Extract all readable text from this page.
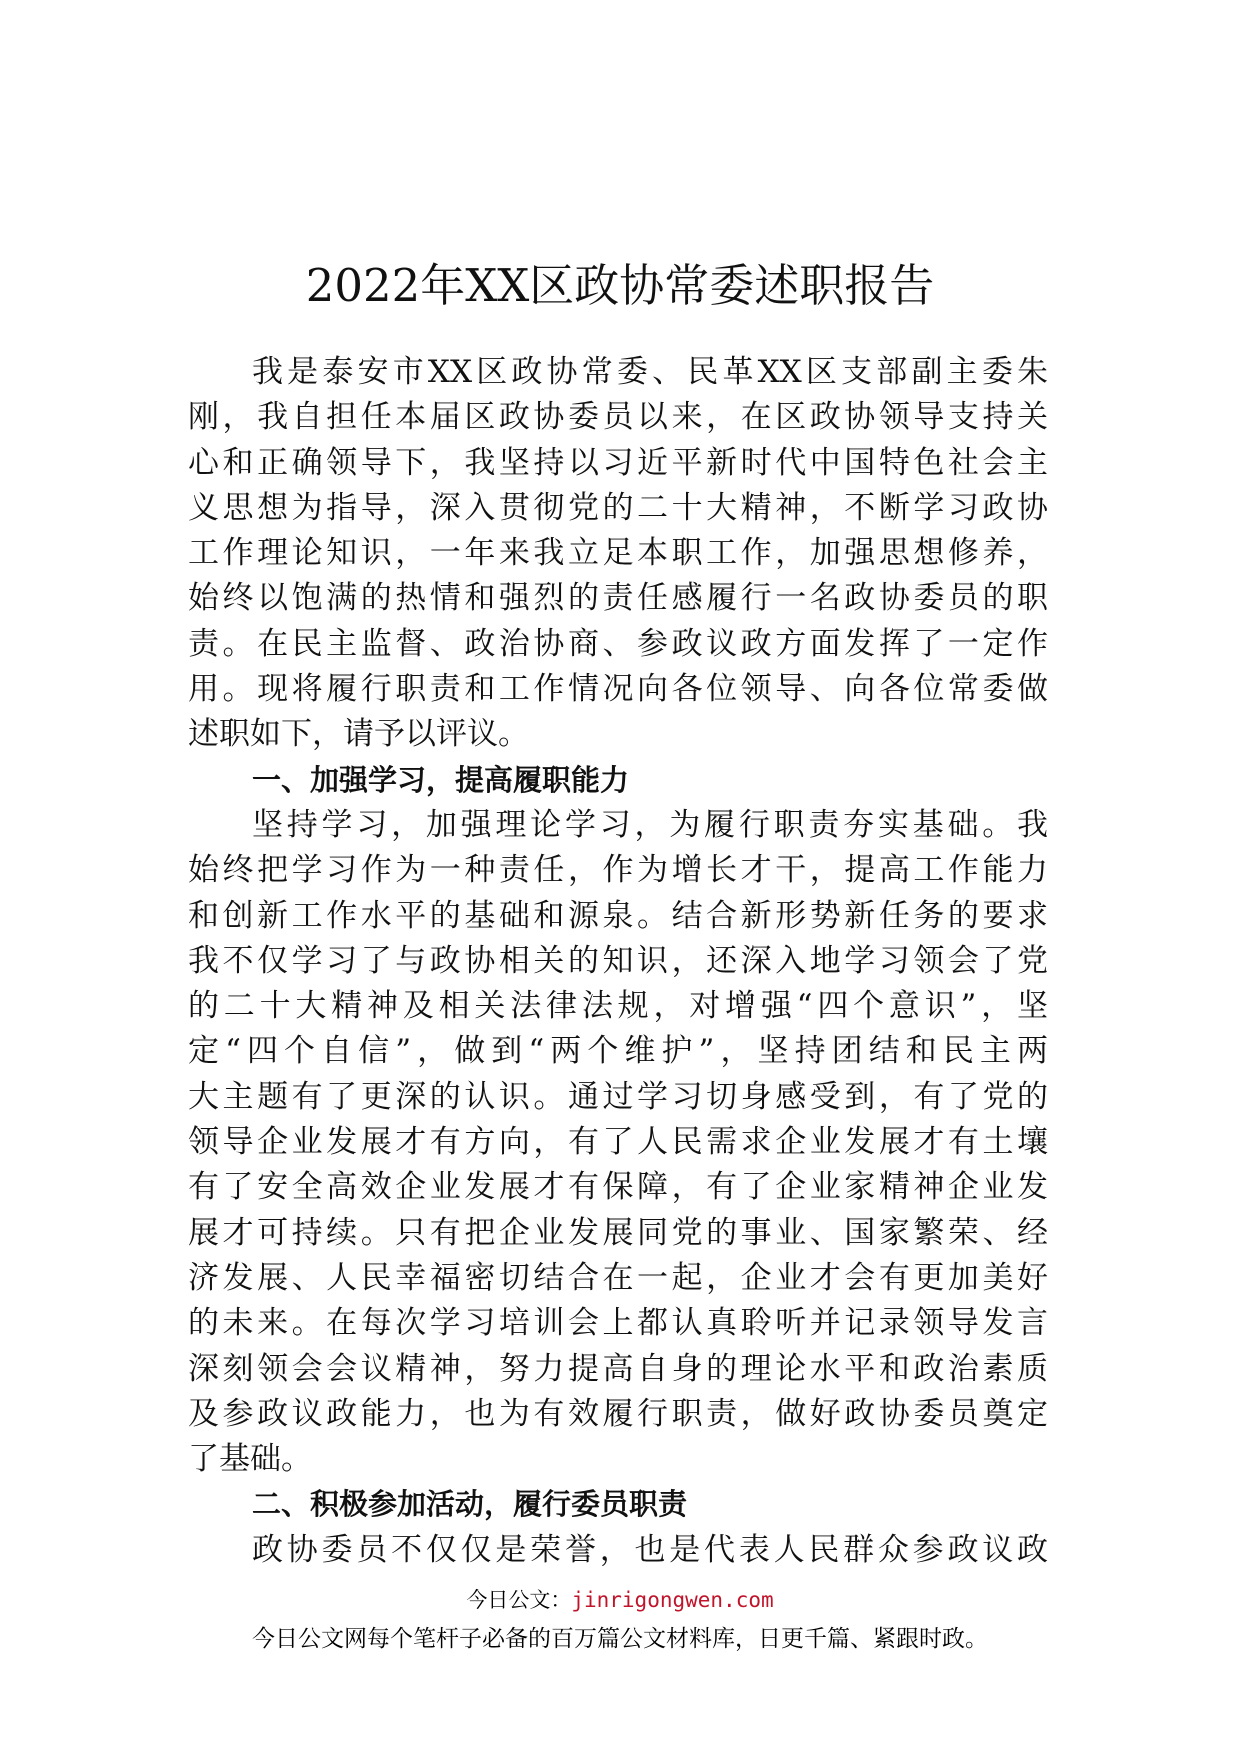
2022年XX区政协常委述职报告
我是泰安市XX区政协常委、民革XX区支部副主委朱
刚，我自担任本届区政协委员以来，在区政协领导支持关
心和正确领导下，我坚持以习近平新时代中国特色社会主
义思想为指导，深入贯彻党的二十大精神，不断学习政协
工作理论知识，一年来我立足本职工作，加强思想修养，
始终以饱满的热情和强烈的责任感履行一名政协委员的职
责。在民主监督、政治协商、参政议政方面发挥了一定作
用。现将履行职责和工作情况向各位领导、向各位常委做
述职如下，请予以评议。
一、加强学习，提高履职能力
坚持学习，加强理论学习，为履行职责夯实基础。我
始终把学习作为一种责任，作为增长才干，提高工作能力
和创新工作水平的基础和源泉。结合新形势新任务的要求
我不仅学习了与政协相关的知识，还深入地学习领会了党
的二十大精神及相关法律法规，对增强“四个意识”，坚
定“四个自信”，做到“两个维护”，坚持团结和民主两
大主题有了更深的认识。通过学习切身感受到，有了党的
领导企业发展才有方向，有了人民需求企业发展才有土壤
有了安全高效企业发展才有保障，有了企业家精神企业发
展才可持续。只有把企业发展同党的事业、国家繁荣、经
济发展、人民幸福密切结合在一起，企业才会有更加美好
的未来。在每次学习培训会上都认真聆听并记录领导发言
深刻领会会议精神，努力提高自身的理论水平和政治素质
及参政议政能力，也为有效履行职责，做好政协委员奠定
了基础。
二、积极参加活动，履行委员职责
政协委员不仅仅是荣誉，也是代表人民群众参政议政
今日公文：jinrigongwen.com
今日公文网每个笔杆子必备的百万篇公文材料库，日更千篇、紧跟时政。
